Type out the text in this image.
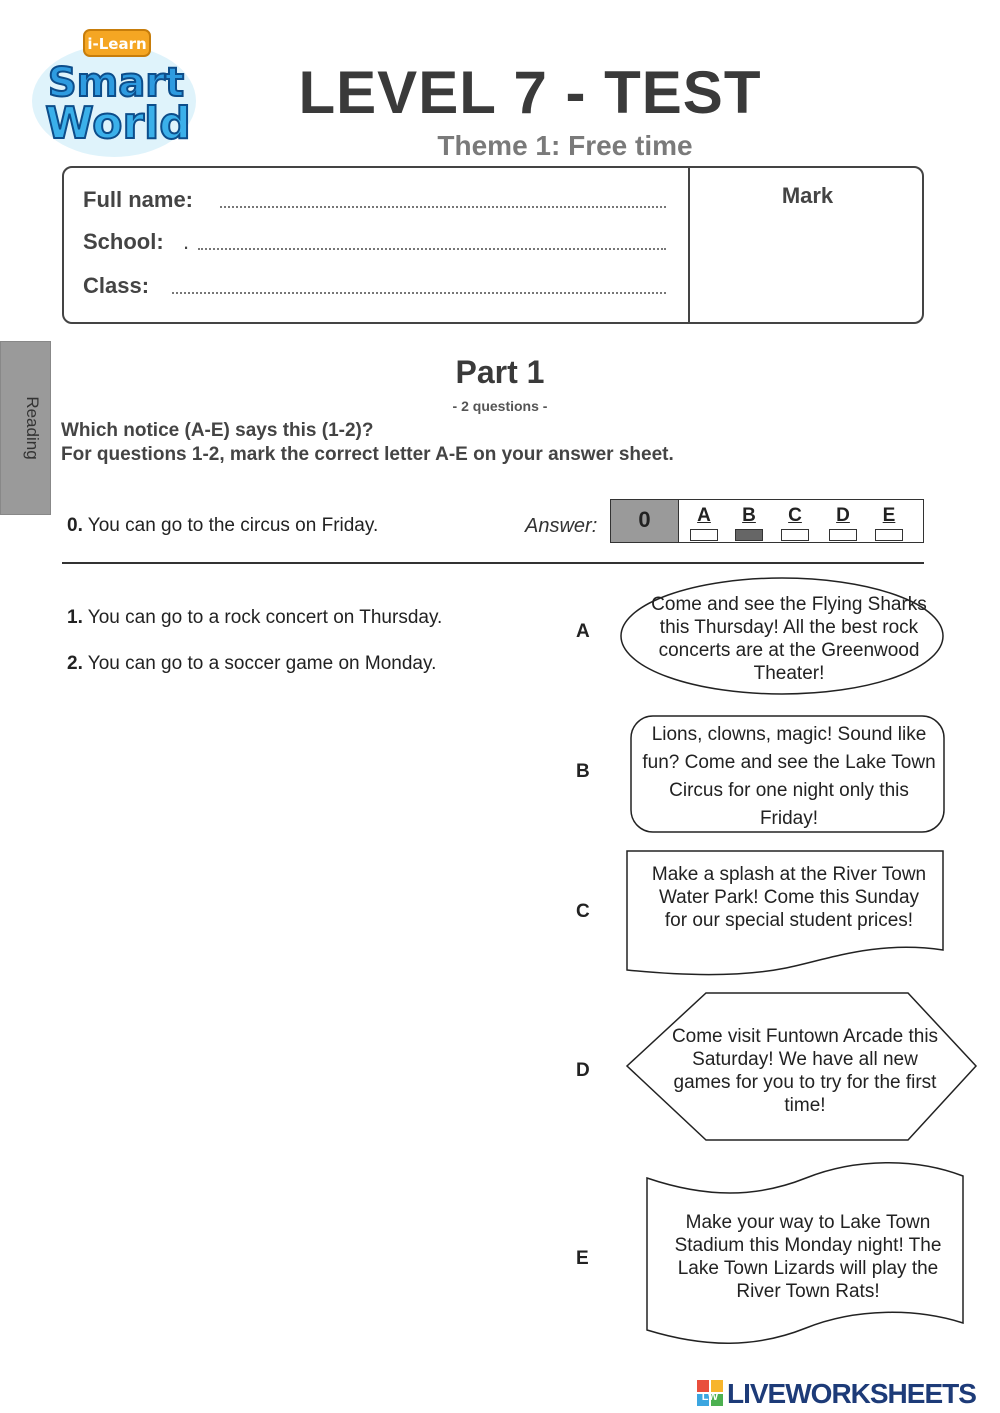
i-Learn
Smart
World	LEVEL 7 - TEST
Theme 1: Free time
Full name:
School: .
Class:
Mark
Reading
Part 1
- 2 questions -
Which notice (A-E) says this (1-2)?
For questions 1-2, mark the correct letter A-E on your answer sheet.
0. You can go to the circus on Friday.	Answer:	0	A	B	C	D	E
1. You can go to a rock concert on Thursday.
2. You can go to a soccer game on Monday.
A
Come and see the Flying Sharks this Thursday! All the best rock concerts are at the Greenwood Theater!
B
Lions, clowns, magic! Sound like fun? Come and see the Lake Town Circus for one night only this Friday!
C
Make a splash at the River Town Water Park! Come this Sunday for our special student prices!
D
Come visit Funtown Arcade this Saturday! We have all new games for you to try for the first time!
E
Make your way to Lake Town Stadium this Monday night! The Lake Town Lizards will play the River Town Rats!
LW LIVEWORKSHEETS
